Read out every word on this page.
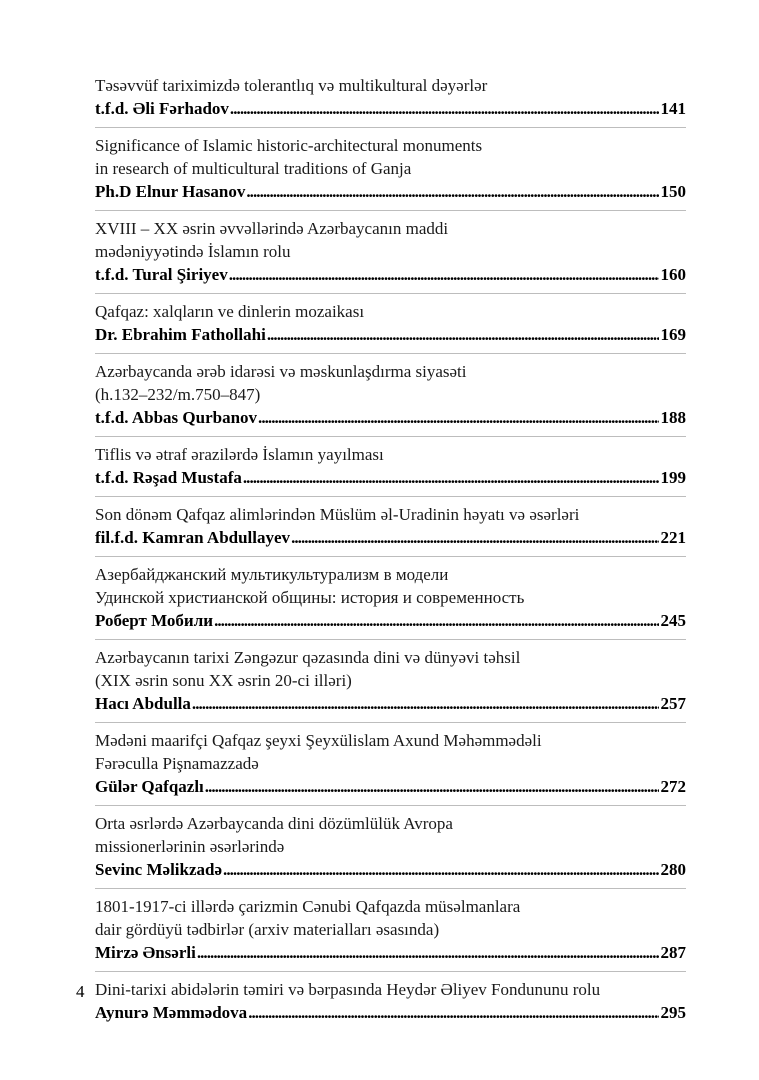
Təsəvvüf tariximizdə tolerantlıq və multikultural dəyərlər
t.f.d. Əli Fərhadov . . .	141
Significance of Islamic historic-architectural monuments
in research of multicultural traditions of Ganja
Ph.D Elnur Hasanov . . .	150
XVIII – XX əsrin əvvəllərində Azərbaycanın maddi
mədəniyyətində İslamın rolu
t.f.d. Tural Şiriyev . . .	160
Qafqaz: xalqların ve dinlerin mozaikası
Dr. Ebrahim Fathollahi . . .	169
Azərbaycanda ərəb idarəsi və məskunlaşdırma siyasəti
(h.132–232/m.750–847)
t.f.d. Abbas Qurbanov . . .	188
Tiflis və ətraf ərazilərdə İslamın yayılması
t.f.d. Rəşad Mustafa . . .	199
Son dönəm Qafqaz alimlərindən Müslüm əl-Uradinin həyatı və əsərləri
fil.f.d. Kamran Abdullayev . . .	221
Азербайджанский мультикультурализм в модели
Удинской христианской общины: история и современность
Роберт Мобили . . .	245
Azərbaycanın tarixi Zəngəzur qəzasında dini və dünyəvi təhsil
(XIX əsrin sonu XX əsrin 20-ci illəri)
Hacı Abdulla . . .	257
Mədəni maarifçi Qafqaz şeyxi Şeyxülislam Axund Məhəmmədəli
Fərəculla Pişnamazzadə
Gülər Qafqazlı . . .	272
Orta əsrlərdə Azərbaycanda dini dözümlülük Avropa
missionerlərinin əsərlərində
Sevinc Məlikzadə . . .	280
1801-1917-ci illərdə çarizmin Cənubi Qafqazda müsəlmanlara
dair gördüyü tədbirlər (arxiv materialları əsasında)
Mirzə Ənsərli . . .	287
Dini-tarixi abidələrin təmiri və bərpasında Heydər Əliyev Fondununu rolu
Aynurə Məmmədova . . .	295
4
